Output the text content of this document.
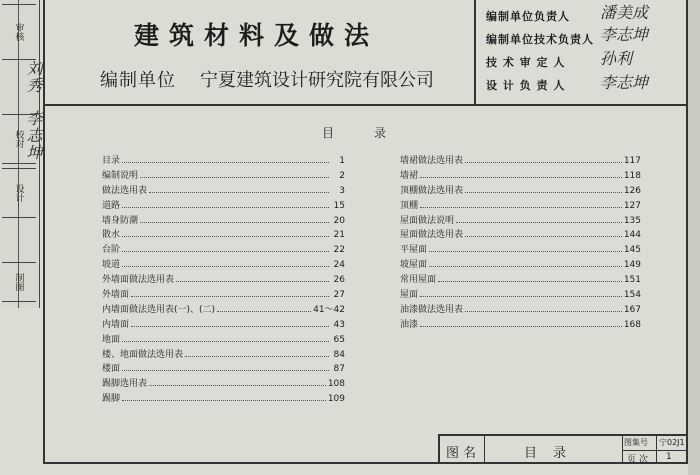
审核
设计
校对
制图
李志坤
刘秀
建筑材料及做法
编制单位 宁夏建筑设计研究院有限公司
编制单位负责人 潘美成
编制单位技术负责人 李志坤
技 术 审 定 人 孙利
设 计 负 责 人 李志坤
目录
目录	1
编制说明	2
做法选用表	3
道路	15
墙身防潮	20
散水	21
台阶	22
坡道	24
外墙面做法选用表	26
外墙面	27
内墙面做法选用表(一)、(二)	41～42
内墙面	43
地面	65
楼、地面做法选用表	84
楼面	87
踢脚选用表	108
踢脚	109
墙裙做法选用表	117
墙裙	118
顶棚做法选用表	126
顶棚	127
屋面做法说明	135
屋面做法选用表	144
平屋面	145
坡屋面	149
常用屋面	151
屋面	154
油漆做法选用表	167
油漆	168
图名	目录
图集号 宁02J1
页次 1
